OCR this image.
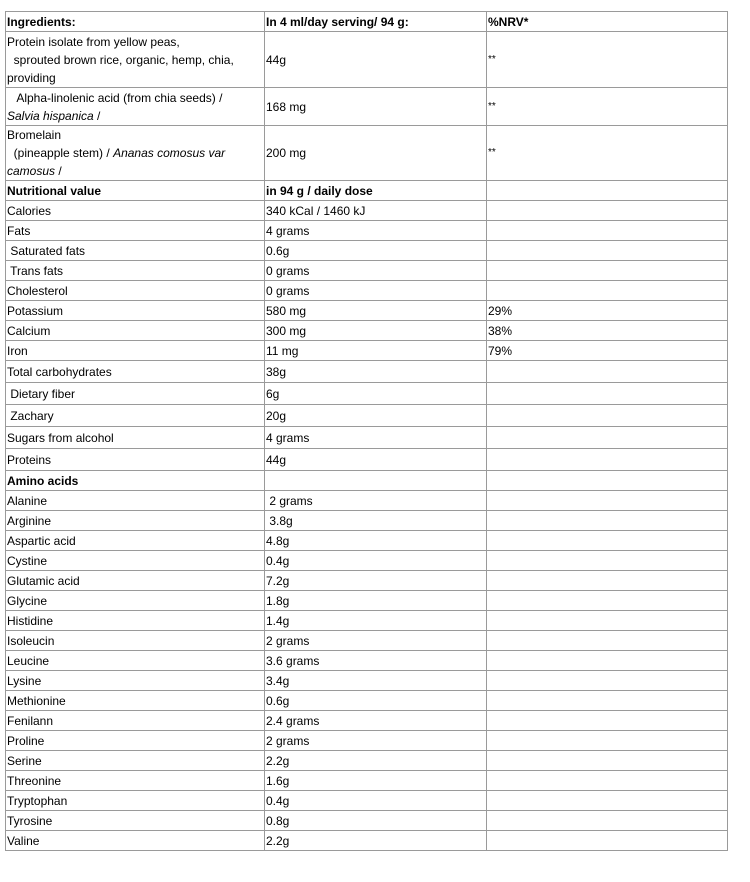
Ingredients:	In 4 ml/day serving/ 94 g:	%NRV*
Protein isolate from yellow peas,
sprouted brown rice, organic, hemp, chia,
providing	44g	**
Alpha-linolenic acid (from chia seeds) /
Salvia hispanica /	168 mg	**
Bromelain
(pineapple stem) / Ananas comosus var
camosus /	200 mg	**
Nutritional value	in 94 g / daily dose	
Calories	340 kCal / 1460 kJ	
Fats	4 grams	
Saturated fats	0.6g	
Trans fats	0 grams	
Cholesterol	0 grams	
Potassium	580 mg	29%
Calcium	300 mg	38%
Iron	11 mg	79%
Total carbohydrates	38g	
Dietary fiber	6g	
Zachary	20g	
Sugars from alcohol	4 grams	
Proteins	44g	
Amino acids		
Alanine	2 grams	
Arginine	3.8g	
Aspartic acid	4.8g	
Cystine	0.4g	
Glutamic acid	7.2g	
Glycine	1.8g	
Histidine	1.4g	
Isoleucin	2 grams	
Leucine	3.6 grams	
Lysine	3.4g	
Methionine	0.6g	
Fenilann	2.4 grams	
Proline	2 grams	
Serine	2.2g	
Threonine	1.6g	
Tryptophan	0.4g	
Tyrosine	0.8g	
Valine	2.2g	
